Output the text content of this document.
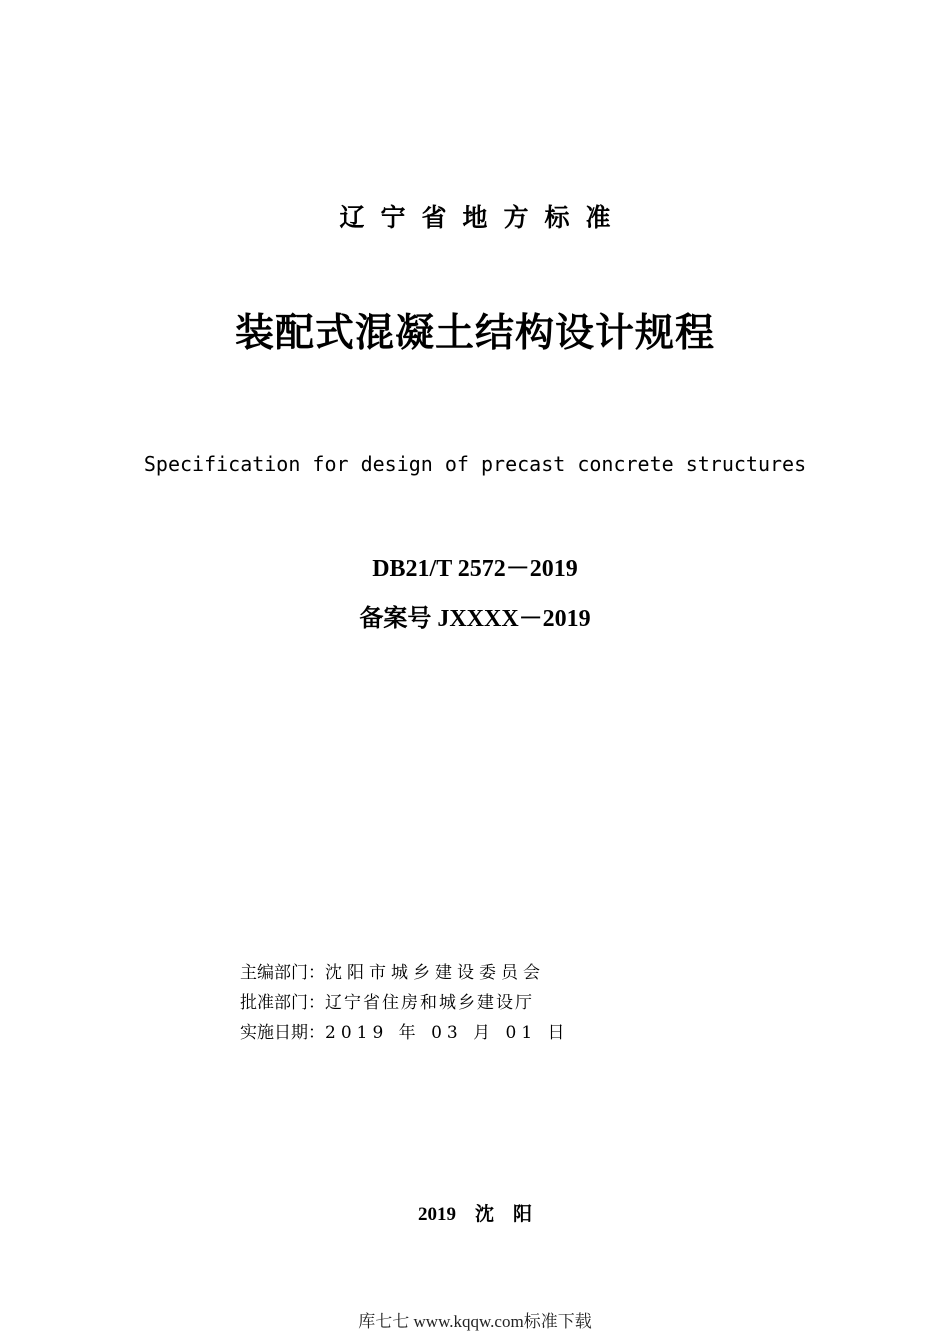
辽宁省地方标准
装配式混凝土结构设计规程
Specification for design of precast concrete structures
DB21/T 2572－2019
备案号 JXXXX－2019
主编部门：沈阳市城乡建设委员会
批准部门：辽宁省住房和城乡建设厅
实施日期：2019 年 03 月 01 日
2019　沈　阳
库七七 www.kqqw.com标准下载
